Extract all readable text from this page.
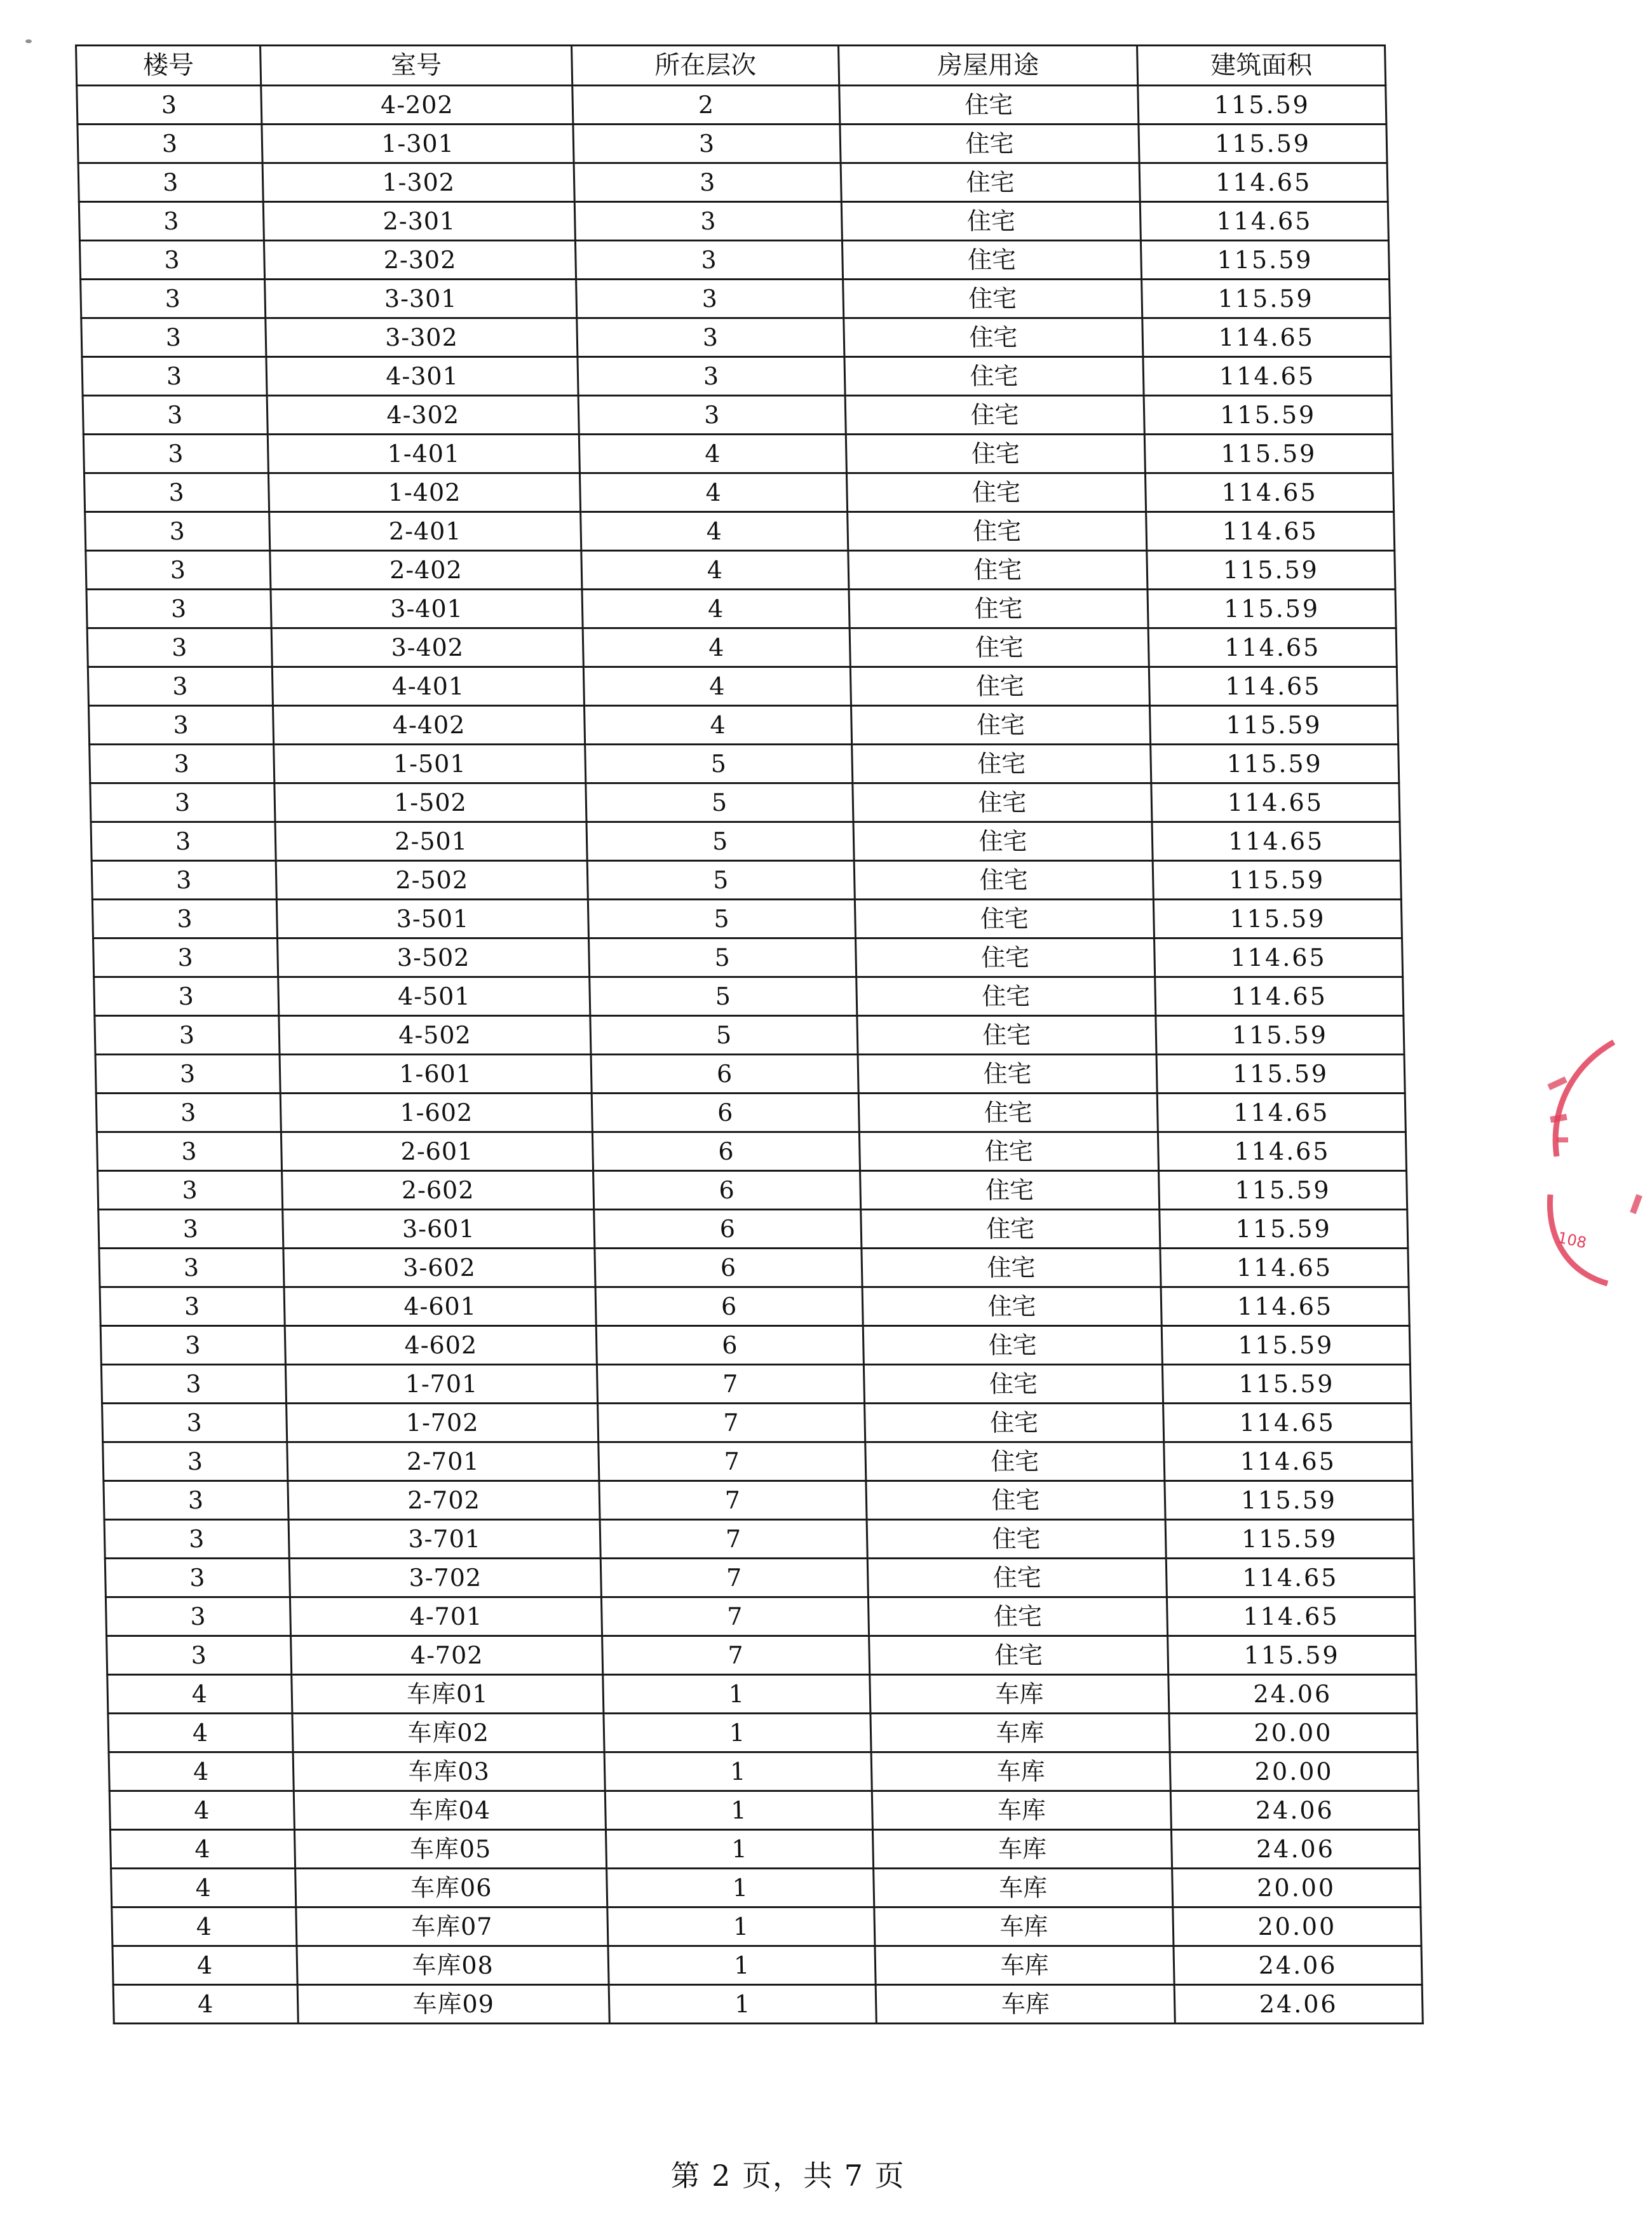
楼号	室号	所在层次	房屋用途	建筑面积
3	4-202	2	住宅	115.59
3	1-301	3	住宅	115.59
3	1-302	3	住宅	114.65
3	2-301	3	住宅	114.65
3	2-302	3	住宅	115.59
3	3-301	3	住宅	115.59
3	3-302	3	住宅	114.65
3	4-301	3	住宅	114.65
3	4-302	3	住宅	115.59
3	1-401	4	住宅	115.59
3	1-402	4	住宅	114.65
3	2-401	4	住宅	114.65
3	2-402	4	住宅	115.59
3	3-401	4	住宅	115.59
3	3-402	4	住宅	114.65
3	4-401	4	住宅	114.65
3	4-402	4	住宅	115.59
3	1-501	5	住宅	115.59
3	1-502	5	住宅	114.65
3	2-501	5	住宅	114.65
3	2-502	5	住宅	115.59
3	3-501	5	住宅	115.59
3	3-502	5	住宅	114.65
3	4-501	5	住宅	114.65
3	4-502	5	住宅	115.59
3	1-601	6	住宅	115.59
3	1-602	6	住宅	114.65
3	2-601	6	住宅	114.65
3	2-602	6	住宅	115.59
3	3-601	6	住宅	115.59
3	3-602	6	住宅	114.65
3	4-601	6	住宅	114.65
3	4-602	6	住宅	115.59
3	1-701	7	住宅	115.59
3	1-702	7	住宅	114.65
3	2-701	7	住宅	114.65
3	2-702	7	住宅	115.59
3	3-701	7	住宅	115.59
3	3-702	7	住宅	114.65
3	4-701	7	住宅	114.65
3	4-702	7	住宅	115.59
4	车库01	1	车库	24.06
4	车库02	1	车库	20.00
4	车库03	1	车库	20.00
4	车库04	1	车库	24.06
4	车库05	1	车库	24.06
4	车库06	1	车库	20.00
4	车库07	1	车库	20.00
4	车库08	1	车库	24.06
4	车库09	1	车库	24.06
第 2 页，共 7 页
108
